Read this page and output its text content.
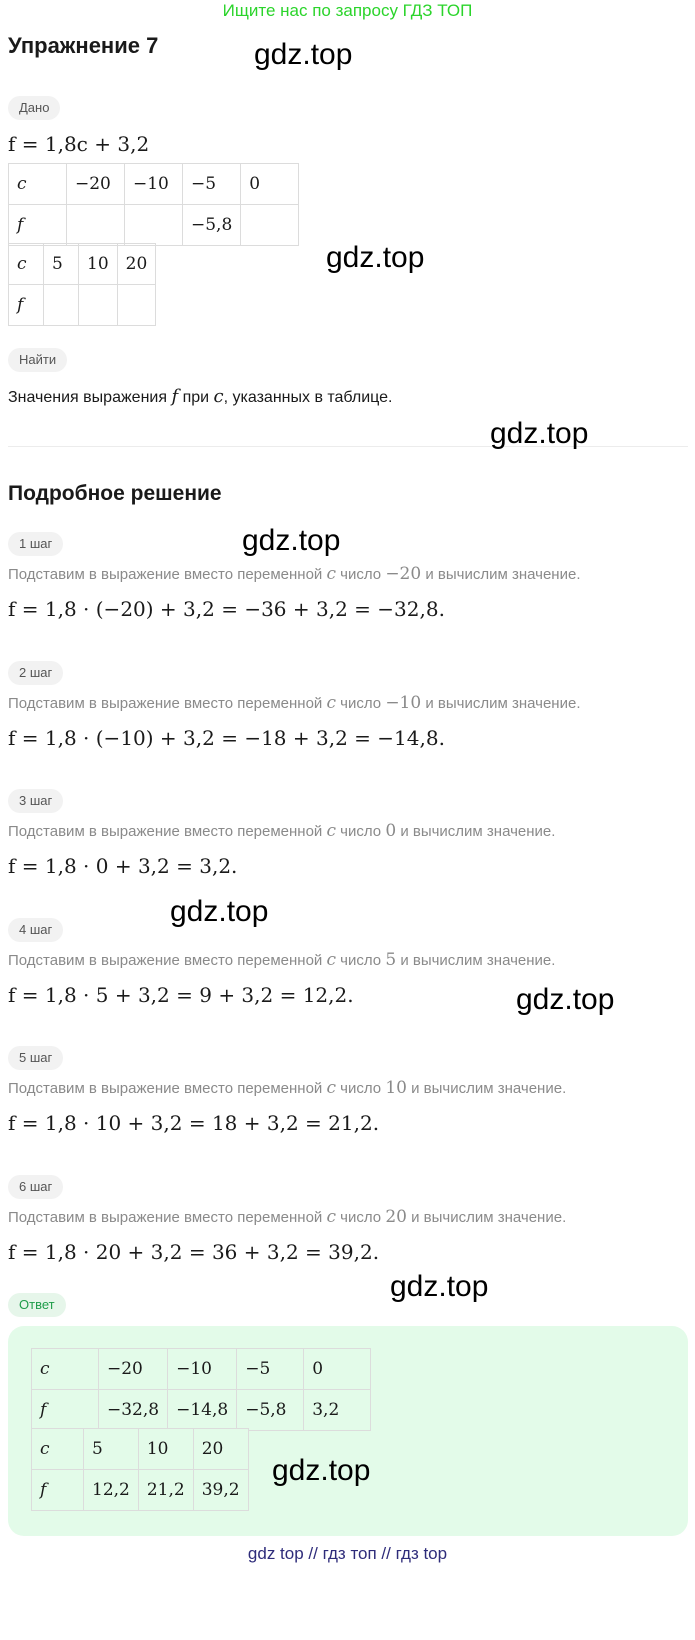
Ищите нас по запросу ГДЗ ТОП
Упражнение 7
Дано
f = 1,8c + 3,2
c	−20	−10	−5	0
f			−5,8	
c	5	10	20
f			
Найти
Значения выражения f при c, указанных в таблице.
Подробное решение
1 шаг
Подставим в выражение вместо переменной c число −20 и вычислим значение.
f = 1,8 · (−20) + 3,2 = −36 + 3,2 = −32,8.
2 шаг
Подставим в выражение вместо переменной c число −10 и вычислим значение.
f = 1,8 · (−10) + 3,2 = −18 + 3,2 = −14,8.
3 шаг
Подставим в выражение вместо переменной c число 0 и вычислим значение.
f = 1,8 · 0 + 3,2 = 3,2.
4 шаг
Подставим в выражение вместо переменной c число 5 и вычислим значение.
f = 1,8 · 5 + 3,2 = 9 + 3,2 = 12,2.
5 шаг
Подставим в выражение вместо переменной c число 10 и вычислим значение.
f = 1,8 · 10 + 3,2 = 18 + 3,2 = 21,2.
6 шаг
Подставим в выражение вместо переменной c число 20 и вычислим значение.
f = 1,8 · 20 + 3,2 = 36 + 3,2 = 39,2.
Ответ
c	−20	−10	−5	0
f	−32,8	−14,8	−5,8	3,2
c	5	10	20
f	12,2	21,2	39,2
gdz.top
gdz.top
gdz.top
gdz.top
gdz.top
gdz.top
gdz.top
gdz.top
gdz top // гдз топ // гдз top
